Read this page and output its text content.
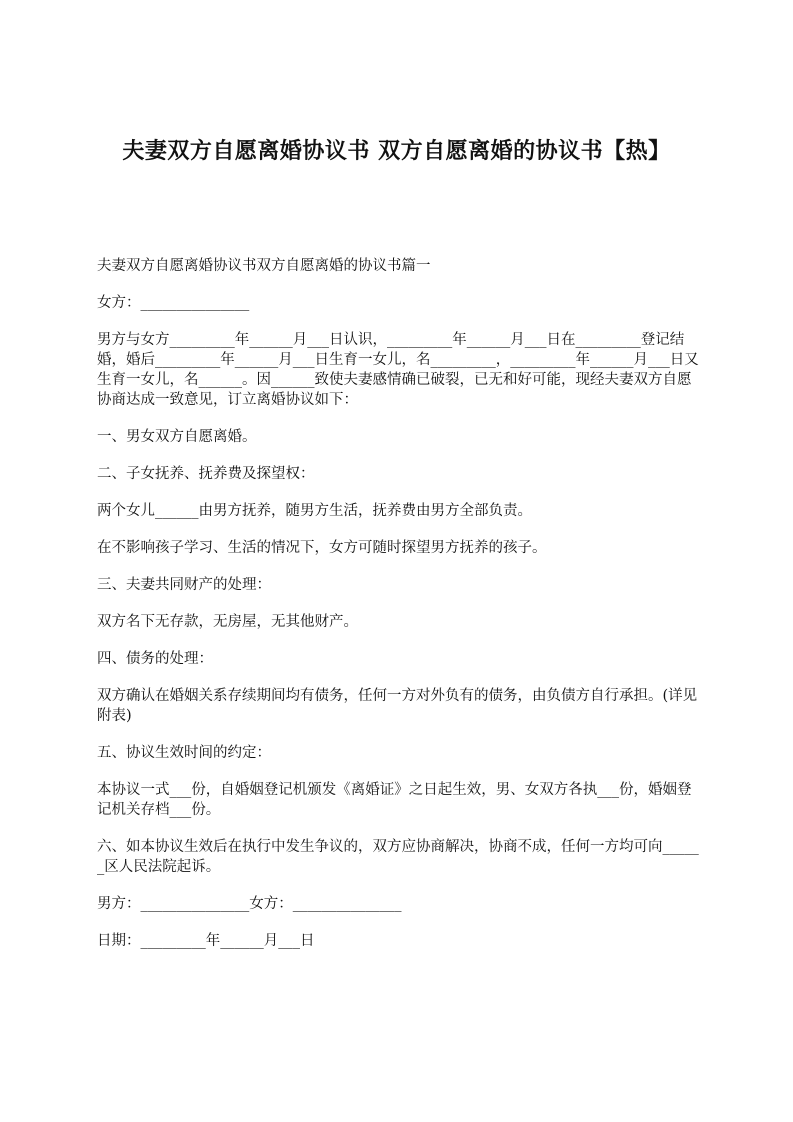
夫妻双方自愿离婚协议书 双方自愿离婚的协议书【热】

夫妻双方自愿离婚协议书双方自愿离婚的协议书篇一

女方：_______________

男方与女方_________年______月___日认识，_________年______月___日在_________登记结婚，婚后_________年______月___日生育一女儿，名_________，_________年______月___日又生育一女儿，名______。因______致使夫妻感情确已破裂，已无和好可能，现经夫妻双方自愿协商达成一致意见，订立离婚协议如下：

一、男女双方自愿离婚。

二、子女抚养、抚养费及探望权：

两个女儿______由男方抚养，随男方生活，抚养费由男方全部负责。

在不影响孩子学习、生活的情况下，女方可随时探望男方抚养的孩子。

三、夫妻共同财产的处理：

双方名下无存款，无房屋，无其他财产。

四、债务的处理：

双方确认在婚姻关系存续期间均有债务，任何一方对外负有的债务，由负债方自行承担。(详见附表)

五、协议生效时间的约定：

本协议一式___份，自婚姻登记机颁发《离婚证》之日起生效，男、女双方各执___份，婚姻登记机关存档___份。

六、如本协议生效后在执行中发生争议的，双方应协商解决，协商不成，任何一方均可向______区人民法院起诉。

男方：_______________女方：_______________

日期：_________年______月___日
